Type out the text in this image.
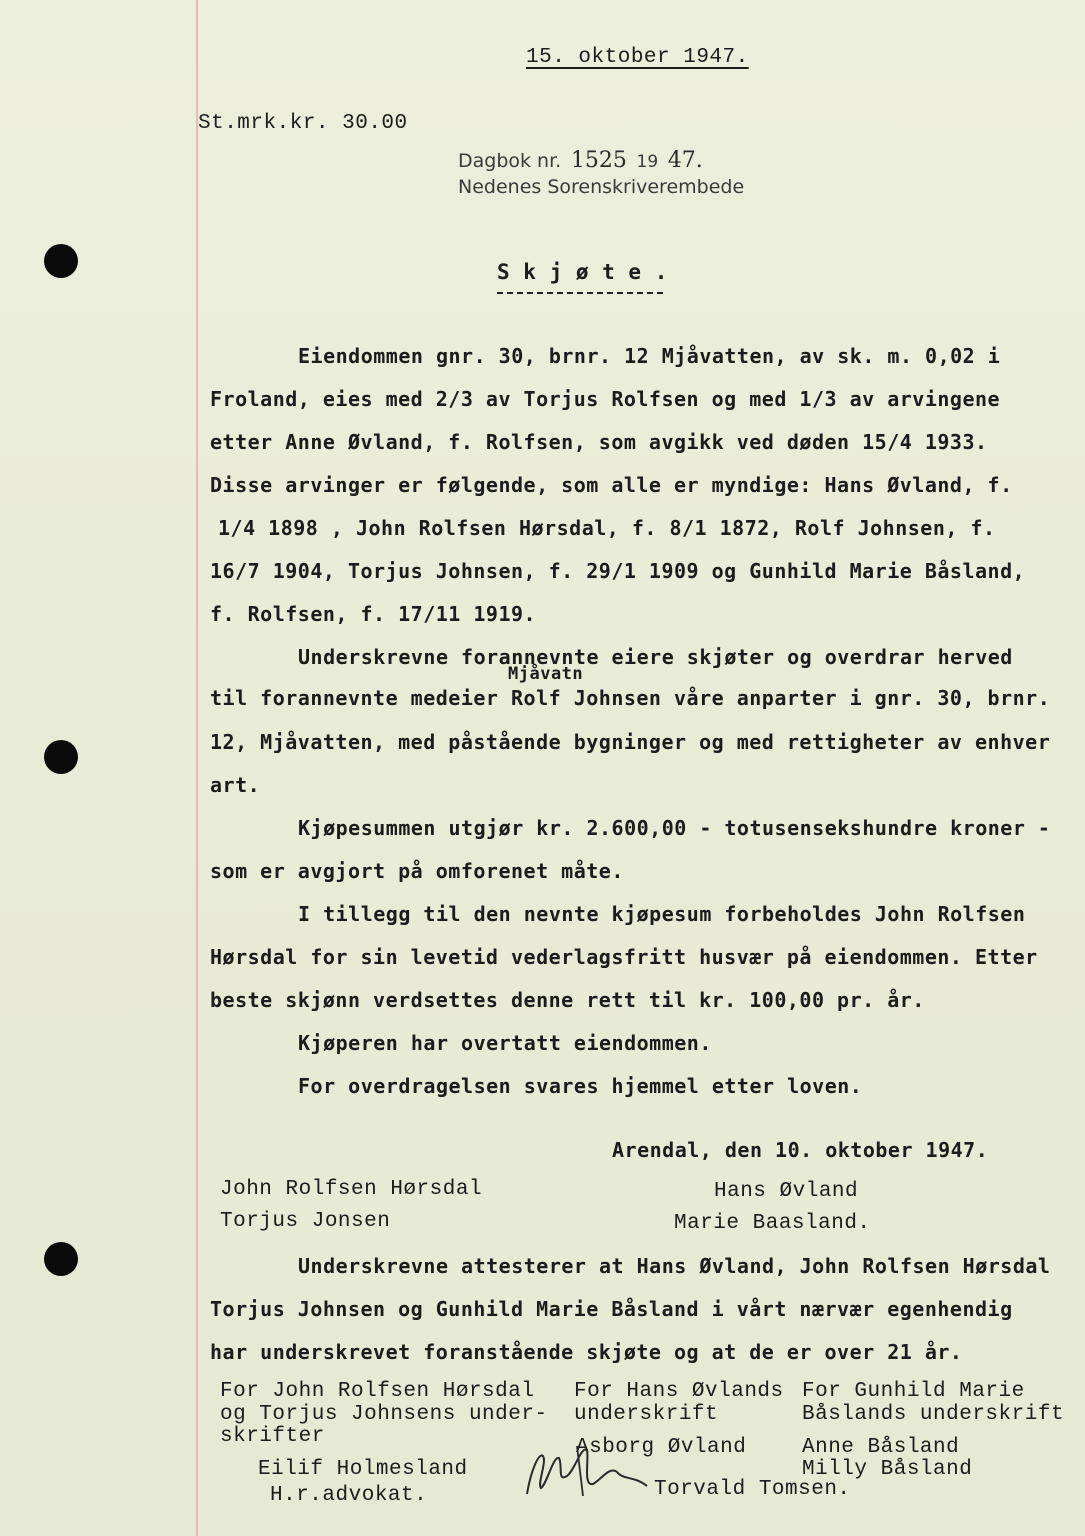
15. oktober 1947.
St.mrk.kr. 30.00
Dagbok nr. 1525 19 47.
Nedenes Sorenskriverembede
S k j ø t e .
Eiendommen gnr. 30, brnr. 12 Mjåvatten, av sk. m. 0,02 i
Froland, eies med 2/3 av Torjus Rolfsen og med 1/3 av arvingene
etter Anne Øvland, f. Rolfsen, som avgikk ved døden 15/4 1933.
Disse arvinger er følgende, som alle er myndige: Hans Øvland, f.
1/4 1898 , John Rolfsen Hørsdal, f. 8/1 1872, Rolf Johnsen, f.
16/7 1904, Torjus Johnsen, f. 29/1 1909 og Gunhild Marie Båsland,
f. Rolfsen, f. 17/11 1919.
Underskrevne forannevnte eiere skjøter og overdrar herved
Mjåvatn
til forannevnte medeier Rolf Johnsen våre anparter i gnr. 30, brnr.
12, Mjåvatten, med påstående bygninger og med rettigheter av enhver
art.
Kjøpesummen utgjør kr. 2.600,00 - totusensekshundre kroner -
som er avgjort på omforenet måte.
I tillegg til den nevnte kjøpesum forbeholdes John Rolfsen
Hørsdal for sin levetid vederlagsfritt husvær på eiendommen. Etter
beste skjønn verdsettes denne rett til kr. 100,00 pr. år.
Kjøperen har overtatt eiendommen.
For overdragelsen svares hjemmel etter loven.
Arendal, den 10. oktober 1947.
John Rolfsen Hørsdal
Torjus Jonsen
Hans Øvland
Marie Baasland.
Underskrevne attesterer at Hans Øvland, John Rolfsen Hørsdal
Torjus Johnsen og Gunhild Marie Båsland i vårt nærvær egenhendig
har underskrevet foranstående skjøte og at de er over 21 år.
For John Rolfsen Hørsdal
og Torjus Johnsens under-
skrifter
Eilif Holmesland
H.r.advokat.
For Hans Øvlands
underskrift
Asborg Øvland
Torvald Tomsen.
For Gunhild Marie
Båslands underskrift
Anne Båsland
Milly Båsland
